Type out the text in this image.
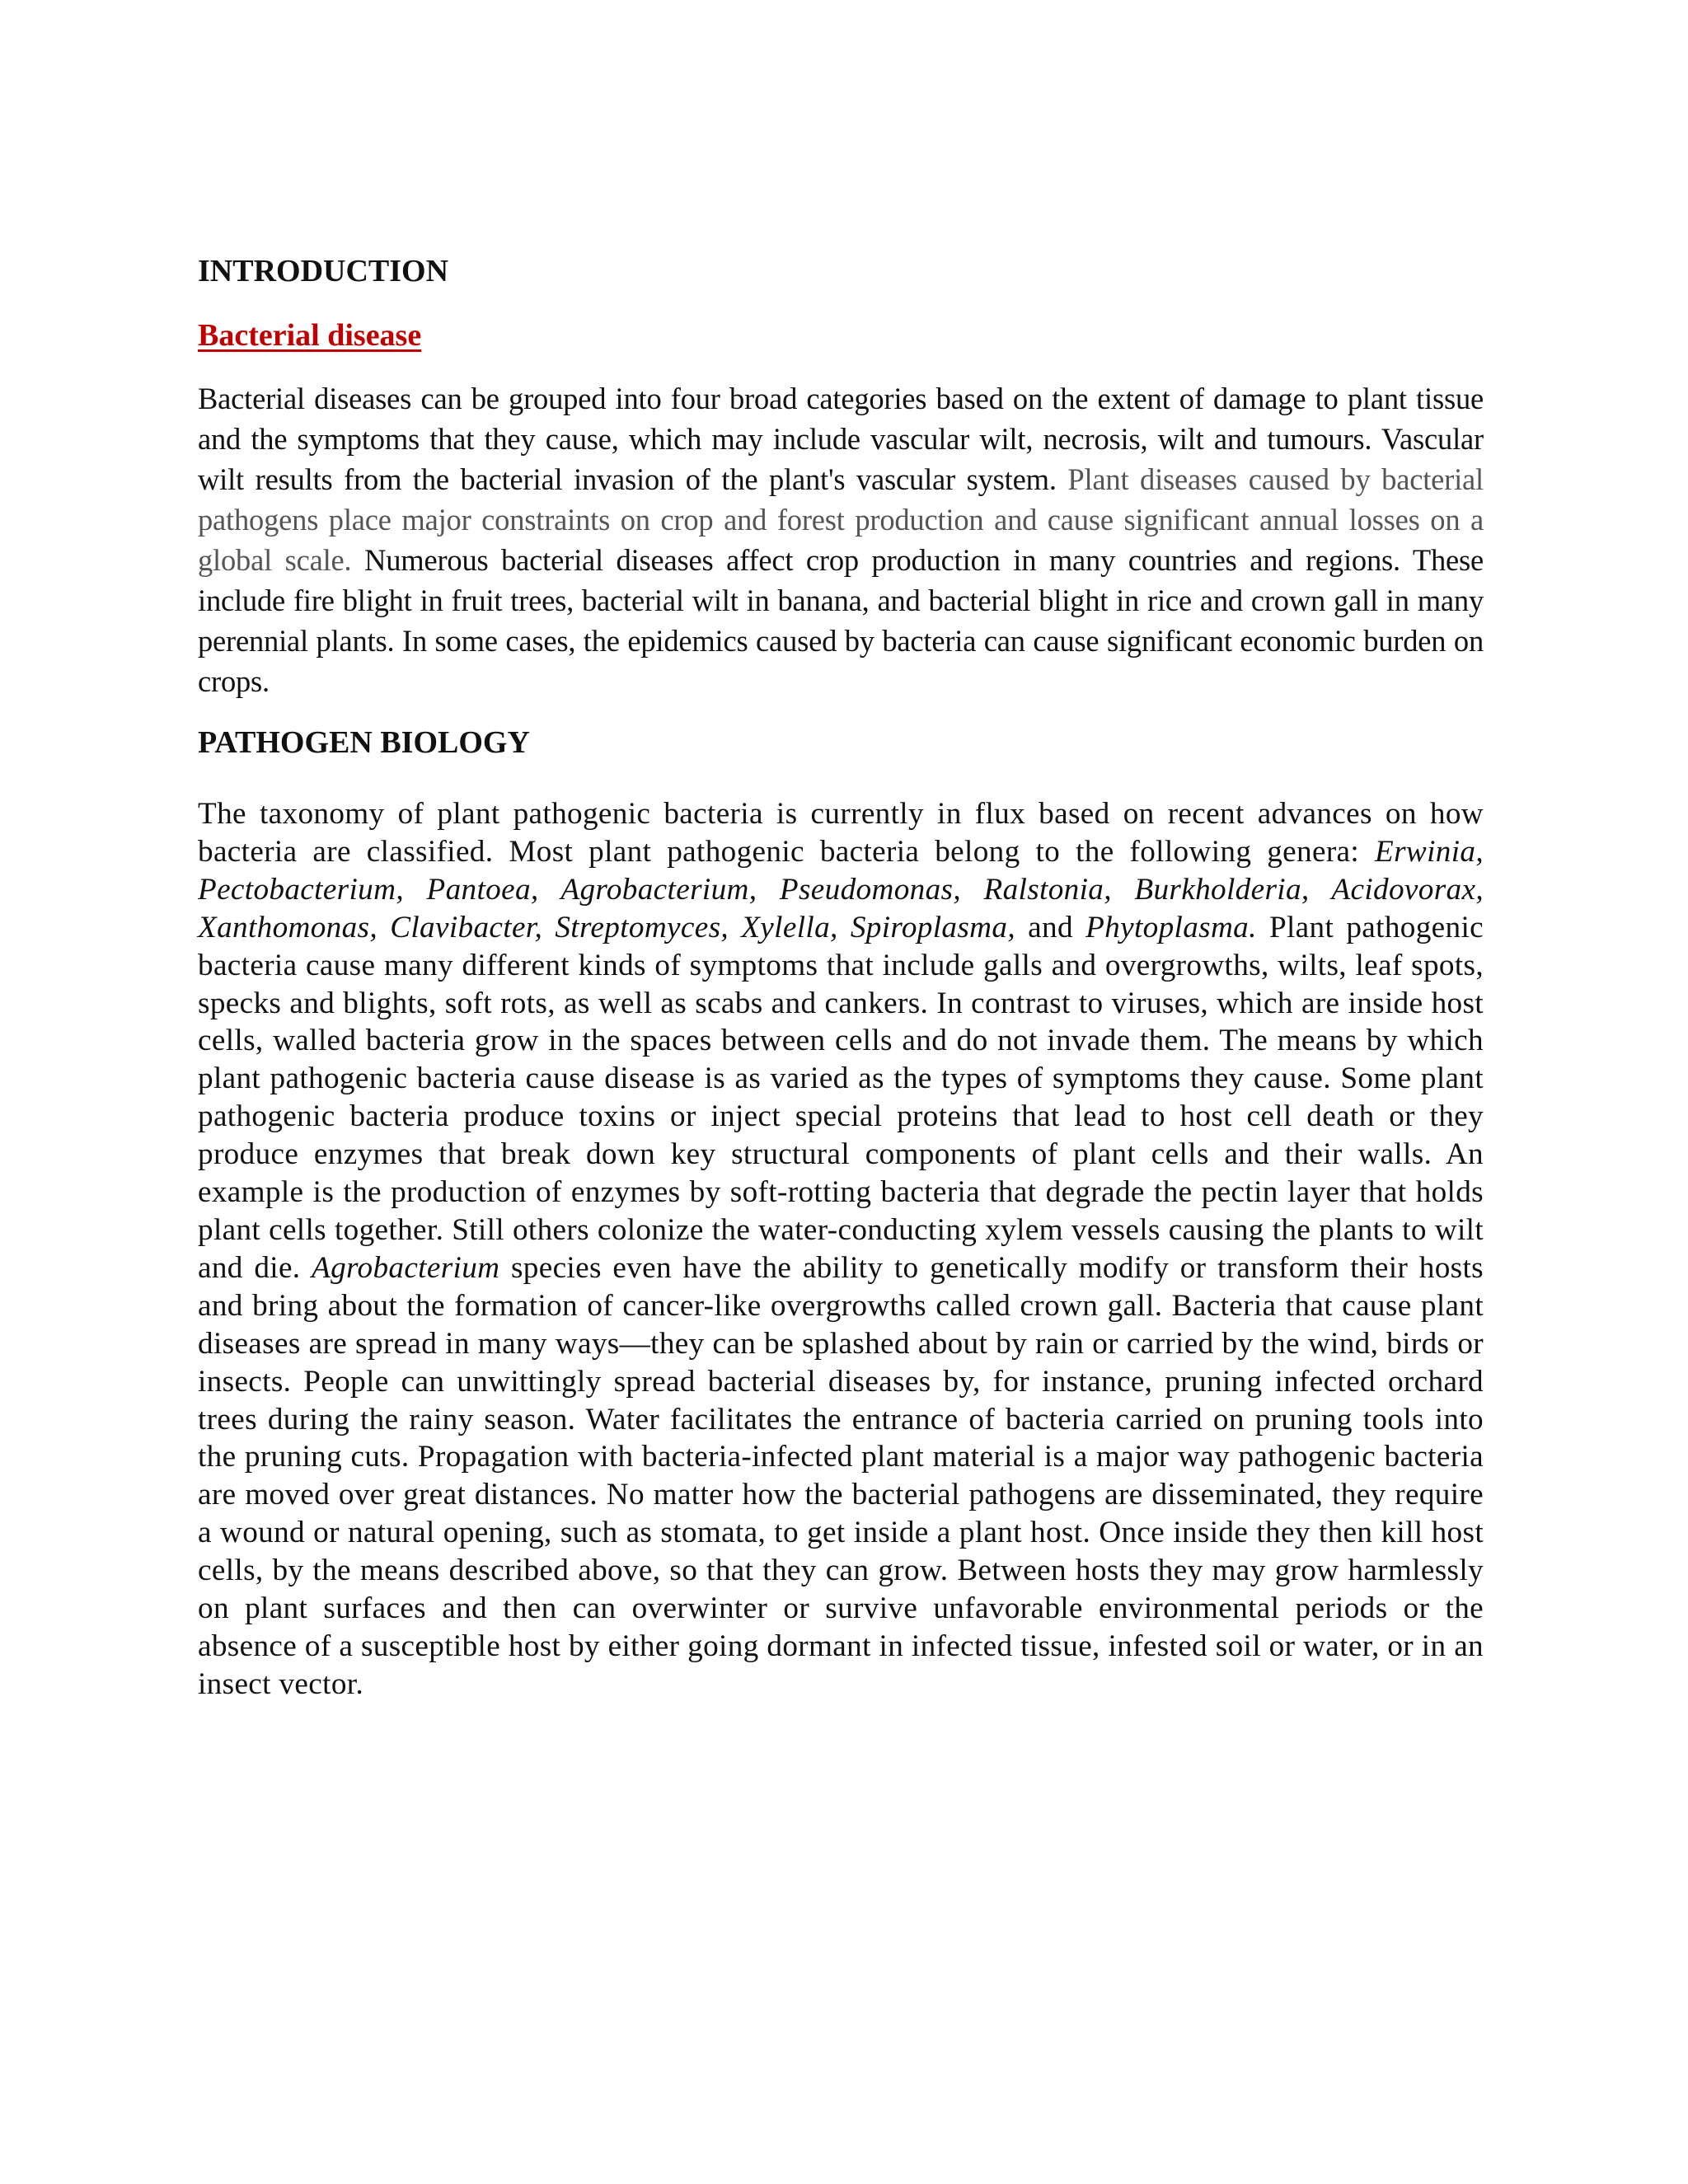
INTRODUCTION
Bacterial disease

Bacterial diseases can be grouped into four broad categories based on the extent of damage to plant tissue and the symptoms that they cause, which may include vascular wilt, necrosis, wilt and tumours. Vascular wilt results from the bacterial invasion of the plant's vascular system. Plant diseases caused by bacterial pathogens place major constraints on crop and forest production and cause significant annual losses on a global scale. Numerous bacterial diseases affect crop production in many countries and regions. These include fire blight in fruit trees, bacterial wilt in banana, and bacterial blight in rice and crown gall in many perennial plants. In some cases, the epidemics caused by bacteria can cause significant economic burden on crops.

PATHOGEN BIOLOGY

The taxonomy of plant pathogenic bacteria is currently in flux based on recent advances on how bacteria are classified. Most plant pathogenic bacteria belong to the following genera: Erwinia, Pectobacterium, Pantoea, Agrobacterium, Pseudomonas, Ralstonia, Burkholderia, Acidovorax, Xanthomonas, Clavibacter, Streptomyces, Xylella, Spiroplasma, and Phytoplasma. Plant pathogenic bacteria cause many different kinds of symptoms that include galls and overgrowths, wilts, leaf spots, specks and blights, soft rots, as well as scabs and cankers. In contrast to viruses, which are inside host cells, walled bacteria grow in the spaces between cells and do not invade them. The means by which plant pathogenic bacteria cause disease is as varied as the types of symptoms they cause. Some plant pathogenic bacteria produce toxins or inject special proteins that lead to host cell death or they produce enzymes that break down key structural components of plant cells and their walls. An example is the production of enzymes by soft-rotting bacteria that degrade the pectin layer that holds plant cells together. Still others colonize the water-conducting xylem vessels causing the plants to wilt and die. Agrobacterium species even have the ability to genetically modify or transform their hosts and bring about the formation of cancer-like overgrowths called crown gall. Bacteria that cause plant diseases are spread in many ways—they can be splashed about by rain or carried by the wind, birds or insects. People can unwittingly spread bacterial diseases by, for instance, pruning infected orchard trees during the rainy season. Water facilitates the entrance of bacteria carried on pruning tools into the pruning cuts. Propagation with bacteria-infected plant material is a major way pathogenic bacteria are moved over great distances. No matter how the bacterial pathogens are disseminated, they require a wound or natural opening, such as stomata, to get inside a plant host. Once inside they then kill host cells, by the means described above, so that they can grow. Between hosts they may grow harmlessly on plant surfaces and then can overwinter or survive unfavorable environmental periods or the absence of a susceptible host by either going dormant in infected tissue, infested soil or water, or in an insect vector.
